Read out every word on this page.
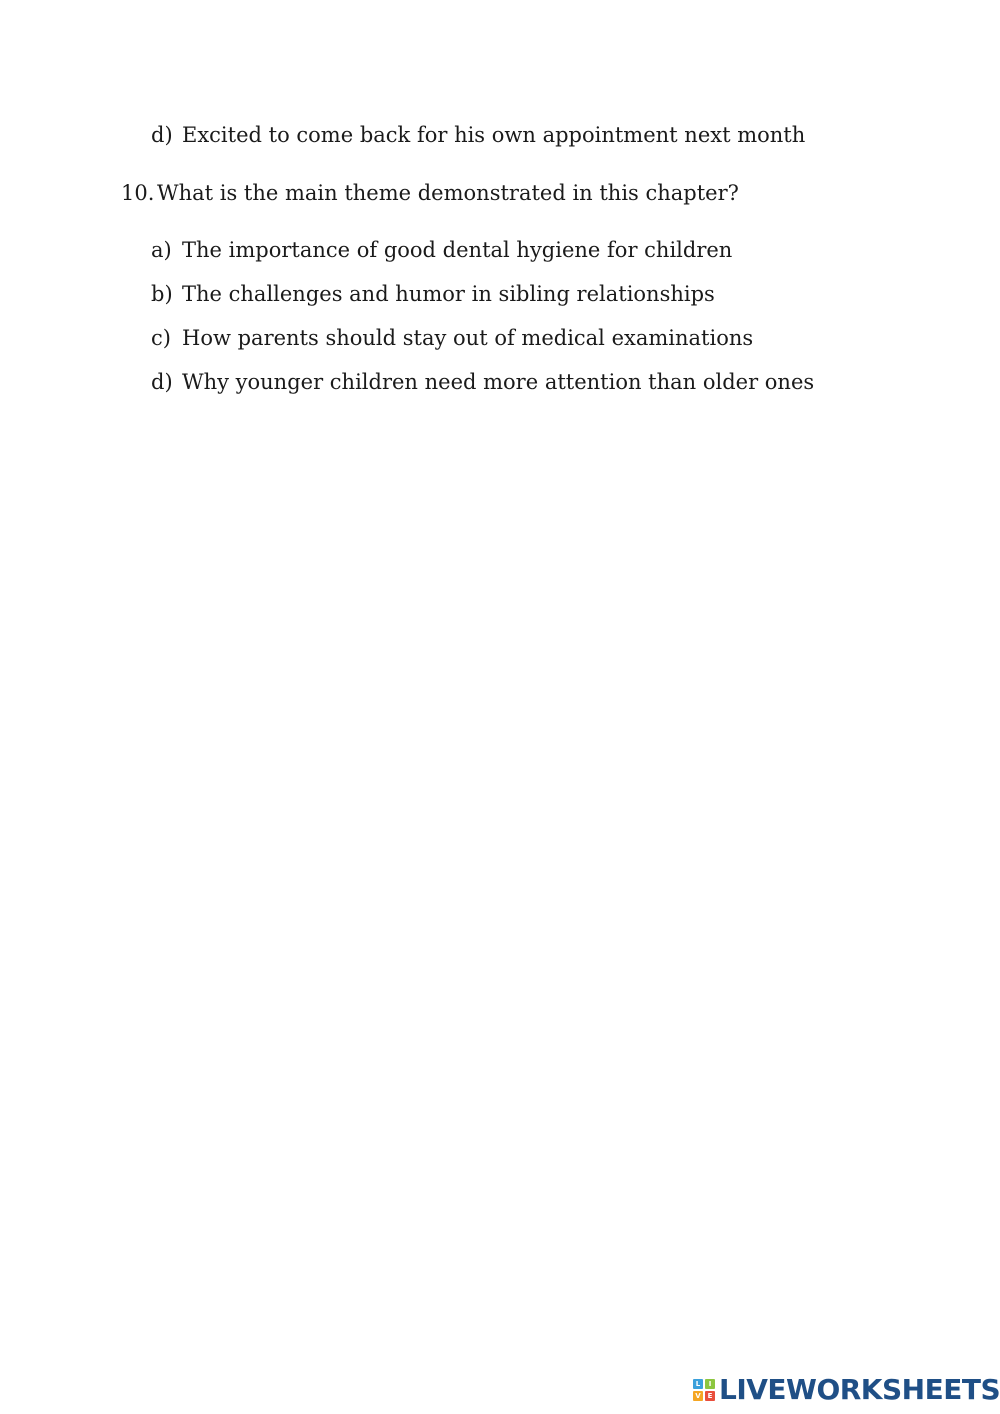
d) Excited to come back for his own appointment next month
10. What is the main theme demonstrated in this chapter?
a) The importance of good dental hygiene for children
b) The challenges and humor in sibling relationships
c) How parents should stay out of medical examinations
d) Why younger children need more attention than older ones
L	I
V E LIVEWORKSHEETS
